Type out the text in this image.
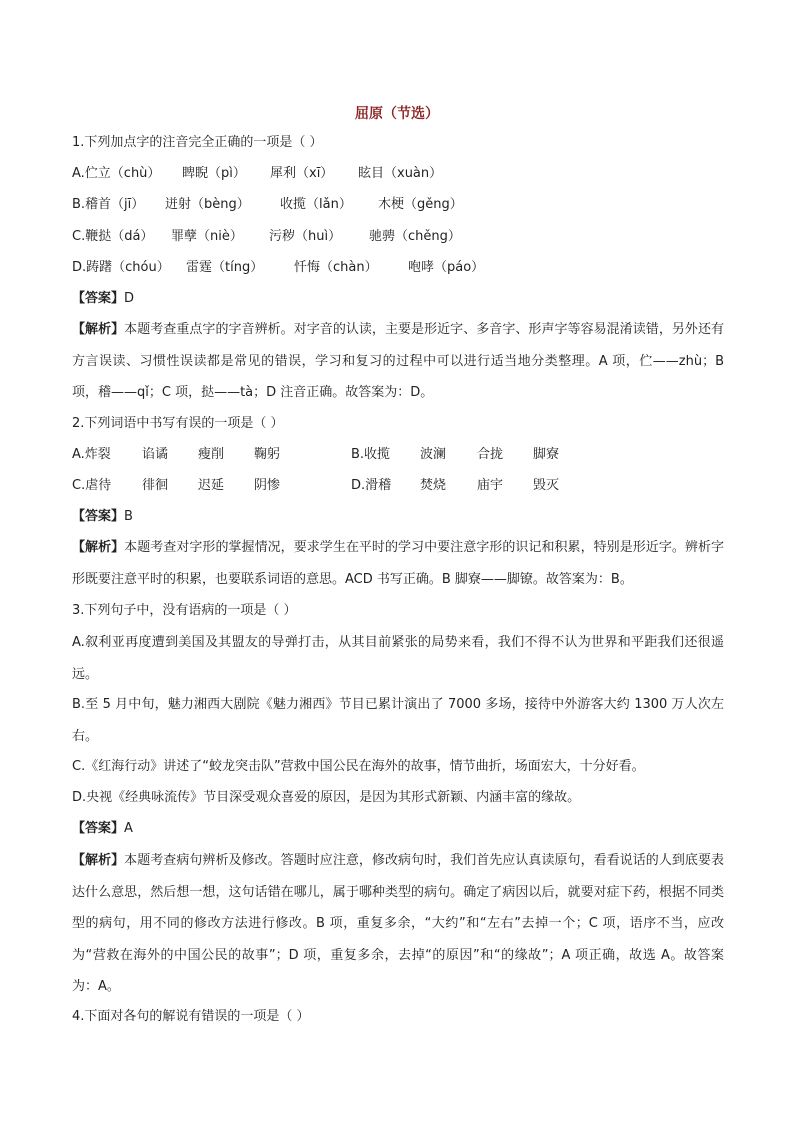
屈原（节选）
1.下列加点字的注音完全正确的一项是（ ）
A.伫立（chù） 睥睨（pì） 犀利（xī） 眩目（xuàn）
B.稽首（jī） 迸射（bèng） 收揽（lǎn） 木梗（gěng）
C.鞭挞（dá） 罪孽（niè） 污秽（huì） 驰骋（chěng）
D.踌躇（chóu） 雷霆（tíng） 忏悔（chàn） 咆哮（páo）
【答案】D
【解析】本题考查重点字的字音辨析。对字音的认读，主要是形近字、多音字、形声字等容易混淆读错，另外还有方言误读、习惯性误读都是常见的错误，学习和复习的过程中可以进行适当地分类整理。A 项，伫——zhù；B 项，稽——qǐ；C 项，挞——tà；D 注音正确。故答案为：D。
2.下列词语中书写有误的一项是（ ）
A.炸裂 谄谲 瘦削 鞠躬	B.收揽 波澜 合拢 脚寮
C.虐待 徘徊 迟延 阴惨	D.滑稽 焚烧 庙宇 毁灭
【答案】B
【解析】本题考查对字形的掌握情况，要求学生在平时的学习中要注意字形的识记和积累，特别是形近字。辨析字形既要注意平时的积累，也要联系词语的意思。ACD 书写正确。B 脚寮——脚镣。故答案为：B。
3.下列句子中，没有语病的一项是（ ）
A.叙利亚再度遭到美国及其盟友的导弹打击，从其目前紧张的局势来看，我们不得不认为世界和平距我们还很遥远。
B.至 5 月中旬，魅力湘西大剧院《魅力湘西》节目已累计演出了 7000 多场，接待中外游客大约 1300 万人次左右。
C.《红海行动》讲述了“蛟龙突击队”营救中国公民在海外的故事，情节曲折，场面宏大，十分好看。
D.央视《经典咏流传》节目深受观众喜爱的原因，是因为其形式新颖、内涵丰富的缘故。
【答案】A
【解析】本题考查病句辨析及修改。答题时应注意，修改病句时，我们首先应认真读原句，看看说话的人到底要表达什么意思，然后想一想，这句话错在哪儿，属于哪种类型的病句。确定了病因以后，就要对症下药，根据不同类型的病句，用不同的修改方法进行修改。B 项，重复多余，“大约”和“左右”去掉一个；C 项，语序不当，应改为“营救在海外的中国公民的故事”；D 项，重复多余，去掉“的原因”和“的缘故”；A 项正确，故选 A。故答案为：A。
4.下面对各句的解说有错误的一项是（ ）
